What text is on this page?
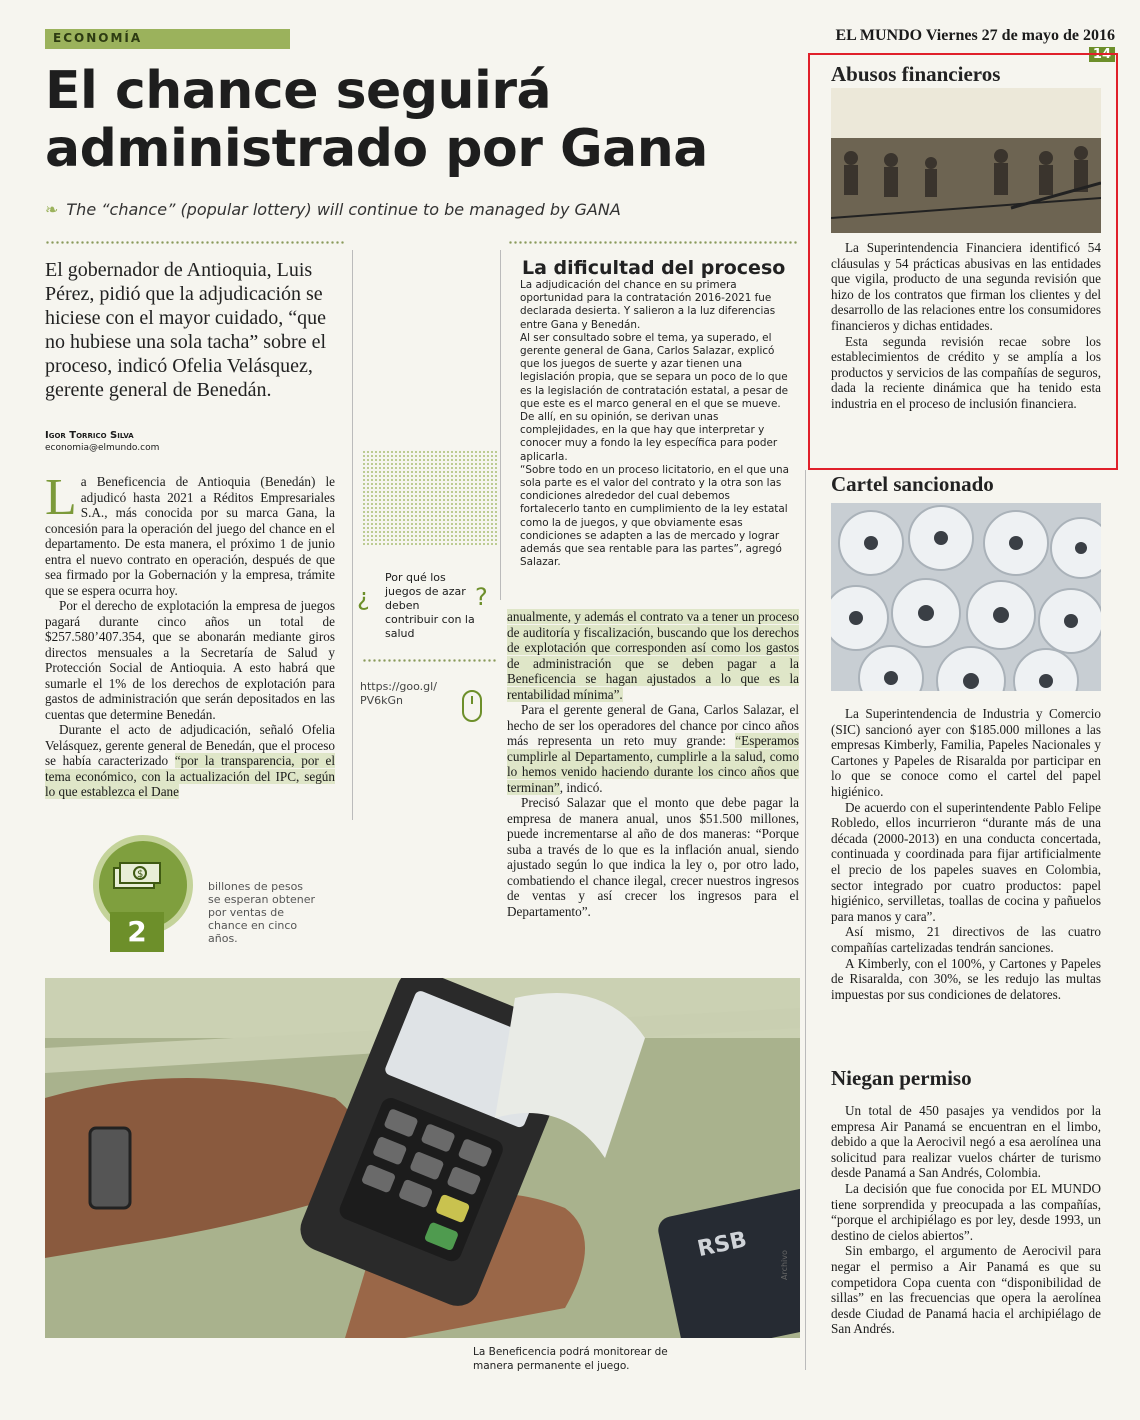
ECONOMÍA	EL MUNDO Viernes 27 de mayo de 2016 14
El chance seguirá
administrado por Gana
❧ The “chance” (popular lottery) will continue to be managed by GANA
El gobernador de Antioquia, Luis Pérez, pidió que la adjudicación se hiciese con el mayor cuidado, “que no hubiese una sola tacha” sobre el proceso, indicó Ofelia Velásquez, gerente general de Benedán.
Igor Torrico Silva
economia@elmundo.com

La Beneficencia de Antioquia (Benedán) le adjudicó hasta 2021 a Réditos Empresariales S.A., más conocida por su marca Gana, la concesión para la operación del juego del chance en el departamento. De esta manera, el próximo 1 de junio entra el nuevo contrato en operación, después de que sea firmado por la Gobernación y la empresa, trámite que se espera ocurra hoy.

Por el derecho de explotación la empresa de juegos pagará durante cinco años un total de $257.580’407.354, que se abonarán mediante giros directos mensuales a la Secretaría de Salud y Protección Social de Antioquia. A esto habrá que sumarle el 1% de los derechos de explotación para gastos de administración que serán depositados en las cuentas que determine Benedán.

Durante el acto de adjudicación, señaló Ofelia Velásquez, gerente general de Benedán, que el proceso se había caracterizado “por la transparencia, por el tema económico, con la actualización del IPC, según lo que establezca el Dane

¿
Por qué los juegos de azar deben contribuir con la salud
?
https://goo.gl/
PV6kGn
La dificultad del proceso

La adjudicación del chance en su primera oportunidad para la contratación 2016-2021 fue declarada desierta. Y salieron a la luz diferencias entre Gana y Benedán.

Al ser consultado sobre el tema, ya superado, el gerente general de Gana, Carlos Salazar, explicó que los juegos de suerte y azar tienen una legislación propia, que se separa un poco de lo que es la legislación de contratación estatal, a pesar de que este es el marco general en el que se mueve. De allí, en su opinión, se derivan unas complejidades, en la que hay que interpretar y conocer muy a fondo la ley específica para poder aplicarla.

“Sobre todo en un proceso licitatorio, en el que una sola parte es el valor del contrato y la otra son las condiciones alrededor del cual debemos fortalecerlo tanto en cumplimiento de la ley estatal como la de juegos, y que obviamente esas condiciones se adapten a las de mercado y lograr además que sea rentable para las partes”, agregó Salazar.

anualmente, y además el contrato va a tener un proceso de auditoría y fiscalización, buscando que los derechos de explotación que corresponden así como los gastos de administración que se deben pagar a la Beneficencia se hagan ajustados a lo que es la rentabilidad mínima”.

Para el gerente general de Gana, Carlos Salazar, el hecho de ser los operadores del chance por cinco años más representa un reto muy grande: “Esperamos cumplirle al Departamento, cumplirle a la salud, como lo hemos venido haciendo durante los cinco años que terminan”, indicó.

Precisó Salazar que el monto que debe pagar la empresa de manera anual, unos $51.500 millones, puede incrementarse al año de dos maneras: “Porque suba a través de lo que es la inflación anual, siendo ajustado según lo que indica la ley o, por otro lado, combatiendo el chance ilegal, crecer nuestros ingresos de ventas y así crecer los ingresos para el Departamento”.

$
2
billones de pesos se esperan obtener por ventas de chance en cinco años.
RSB
La Beneficencia podrá monitorear de manera permanente el juego.
Archivo
Abusos financieros

La Superintendencia Financiera identificó 54 cláusulas y 54 prácticas abusivas en las entidades que vigila, producto de una segunda revisión que hizo de los contratos que firman los clientes y del desarrollo de las relaciones entre los consumidores financieros y dichas entidades.

Esta segunda revisión recae sobre los establecimientos de crédito y se amplía a los productos y servicios de las compañías de seguros, dada la reciente dinámica que ha tenido esta industria en el proceso de inclusión financiera.

Cartel sancionado

La Superintendencia de Industria y Comercio (SIC) sancionó ayer con $185.000 millones a las empresas Kimberly, Familia, Papeles Nacionales y Cartones y Papeles de Risaralda por participar en lo que se conoce como el cartel del papel higiénico.

De acuerdo con el superintendente Pablo Felipe Robledo, ellos incurrieron “durante más de una década (2000-2013) en una conducta concertada, continuada y coordinada para fijar artificialmente el precio de los papeles suaves en Colombia, sector integrado por cuatro productos: papel higiénico, servilletas, toallas de cocina y pañuelos para manos y cara”.

Así mismo, 21 directivos de las cuatro compañías cartelizadas tendrán sanciones.

A Kimberly, con el 100%, y Cartones y Papeles de Risaralda, con 30%, se les redujo las multas impuestas por sus condiciones de delatores.

Niegan permiso

Un total de 450 pasajes ya vendidos por la empresa Air Panamá se encuentran en el limbo, debido a que la Aerocivil negó a esa aerolínea una solicitud para realizar vuelos chárter de turismo desde Panamá a San Andrés, Colombia.

La decisión que fue conocida por EL MUNDO tiene sorprendida y preocupada a las compañías, “porque el archipiélago es por ley, desde 1993, un destino de cielos abiertos”.

Sin embargo, el argumento de Aerocivil para negar el permiso a Air Panamá es que su competidora Copa cuenta con “disponibilidad de sillas” en las frecuencias que opera la aerolínea desde Ciudad de Panamá hacia el archipiélago de San Andrés.
